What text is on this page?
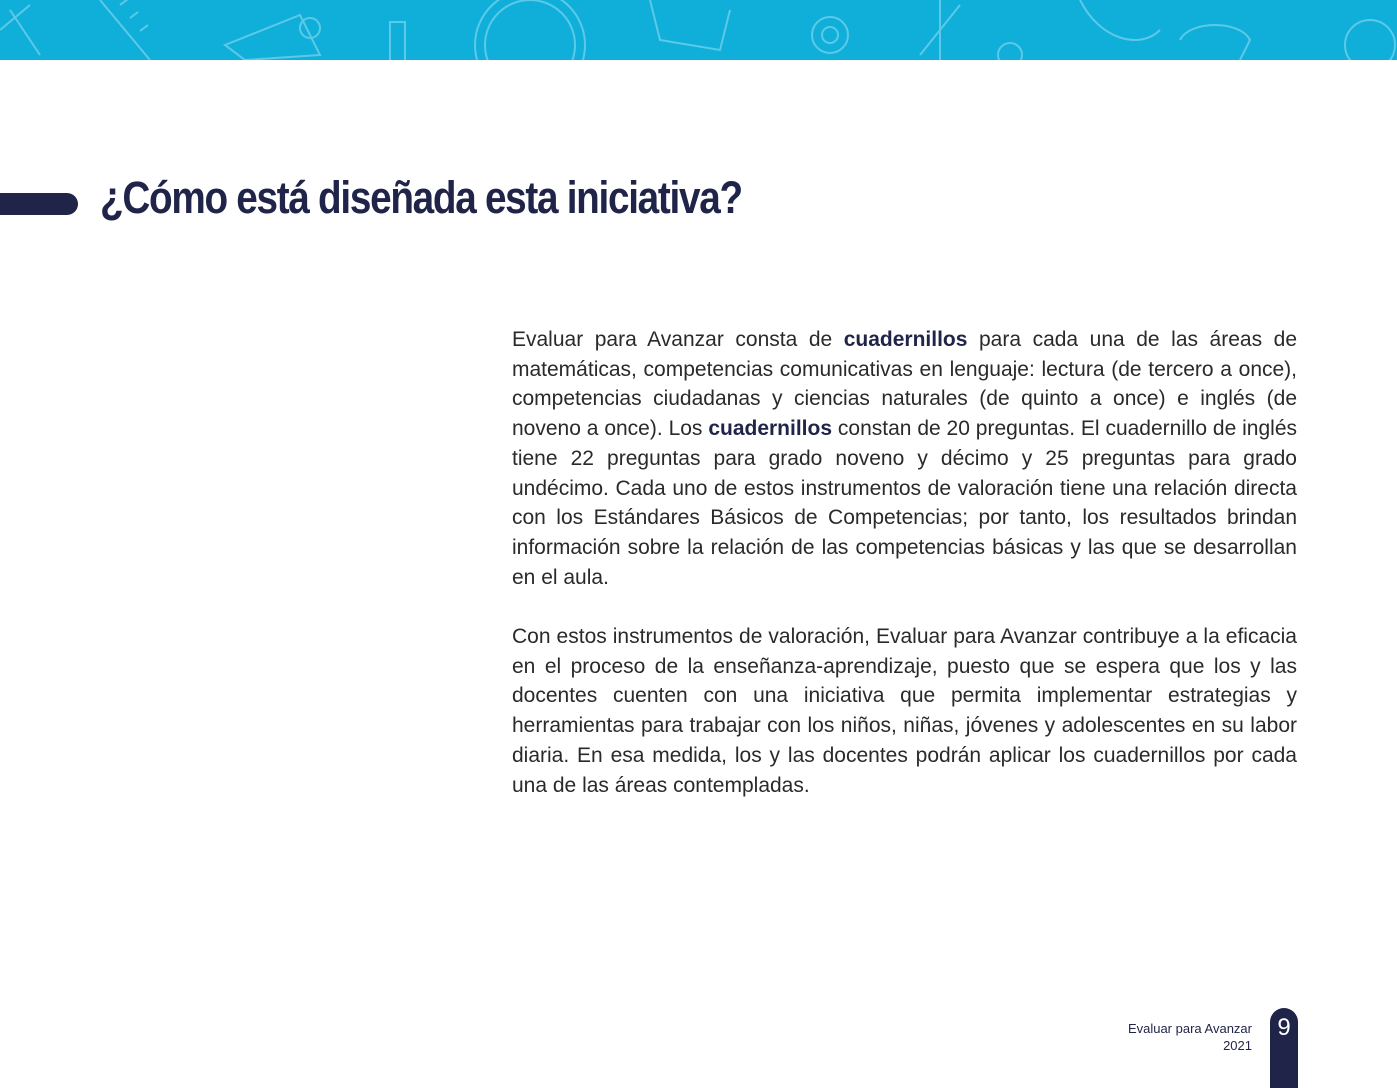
¿Cómo está diseñada esta iniciativa?

Evaluar para Avanzar consta de cuadernillos para cada una de las áreas de matemáticas, competencias comunicativas en lenguaje: lectura (de tercero a once), competencias ciudadanas y ciencias naturales (de quinto a once) e inglés (de noveno a once). Los cuadernillos constan de 20 preguntas. El cuadernillo de inglés tiene 22 preguntas para grado noveno y décimo y 25 preguntas para grado undécimo. Cada uno de estos instrumentos de valoración tiene una relación directa con los Estándares Básicos de Competencias; por tanto, los resultados brindan información sobre la relación de las competencias básicas y las que se desarrollan en el aula.

Con estos instrumentos de valoración, Evaluar para Avanzar contribuye a la eficacia en el proceso de la enseñanza-aprendizaje, puesto que se espera que los y las docentes cuenten con una iniciativa que permita implementar estrategias y herramientas para trabajar con los niños, niñas, jóvenes y adolescentes en su labor diaria. En esa medida, los y las docentes podrán aplicar los cuadernillos por cada una de las áreas contempladas.

Evaluar para Avanzar
2021
9
